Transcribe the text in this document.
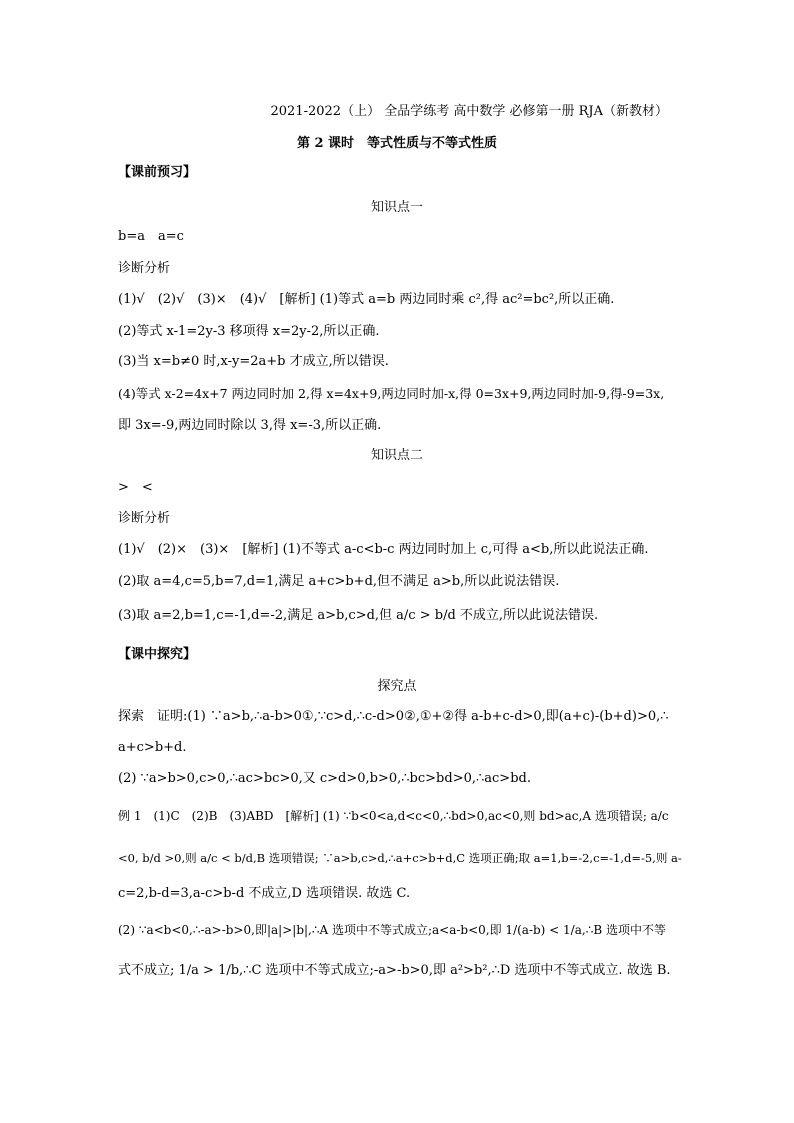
2021-2022（上） 全品学练考 高中数学 必修第一册 RJA（新教材）
第 2 课时　等式性质与不等式性质
【课前预习】
知识点一
b=a　a=c
诊断分析
(1)√　(2)√　(3)×　(4)√　[解析] (1)等式 a=b 两边同时乘 c²,得 ac²=bc²,所以正确.
(2)等式 x-1=2y-3 移项得 x=2y-2,所以正确.
(3)当 x=b≠0 时,x-y=2a+b 才成立,所以错误.
(4)等式 x-2=4x+7 两边同时加 2,得 x=4x+9,两边同时加-x,得 0=3x+9,两边同时加-9,得-9=3x,
即 3x=-9,两边同时除以 3,得 x=-3,所以正确.
知识点二
>　<
诊断分析
(1)√　(2)×　(3)×　[解析] (1)不等式 a-c<b-c 两边同时加上 c,可得 a<b,所以此说法正确.
(2)取 a=4,c=5,b=7,d=1,满足 a+c>b+d,但不满足 a>b,所以此说法错误.
(3)取 a=2,b=1,c=-1,d=-2,满足 a>b,c>d,但 a/c > b/d 不成立,所以此说法错误.
【课中探究】
探究点
探索　证明:(1) ∵a>b,∴a-b>0①,∵c>d,∴c-d>0②,①+②得 a-b+c-d>0,即(a+c)-(b+d)>0,∴
a+c>b+d.
(2) ∵a>b>0,c>0,∴ac>bc>0,又 c>d>0,b>0,∴bc>bd>0,∴ac>bd.
例 1　(1)C　(2)B　(3)ABD　[解析] (1) ∵b<0<a,d<c<0,∴bd>0,ac<0,则 bd>ac,A 选项错误; a/c
<0, b/d >0,则 a/c < b/d,B 选项错误; ∵a>b,c>d,∴a+c>b+d,C 选项正确;取 a=1,b=-2,c=-1,d=-5,则 a-
c=2,b-d=3,a-c>b-d 不成立,D 选项错误. 故选 C.
(2) ∵a<b<0,∴-a>-b>0,即|a|>|b|,∴A 选项中不等式成立;a<a-b<0,即 1/(a-b) < 1/a,∴B 选项中不等
式不成立; 1/a > 1/b,∴C 选项中不等式成立;-a>-b>0,即 a²>b²,∴D 选项中不等式成立. 故选 B.
